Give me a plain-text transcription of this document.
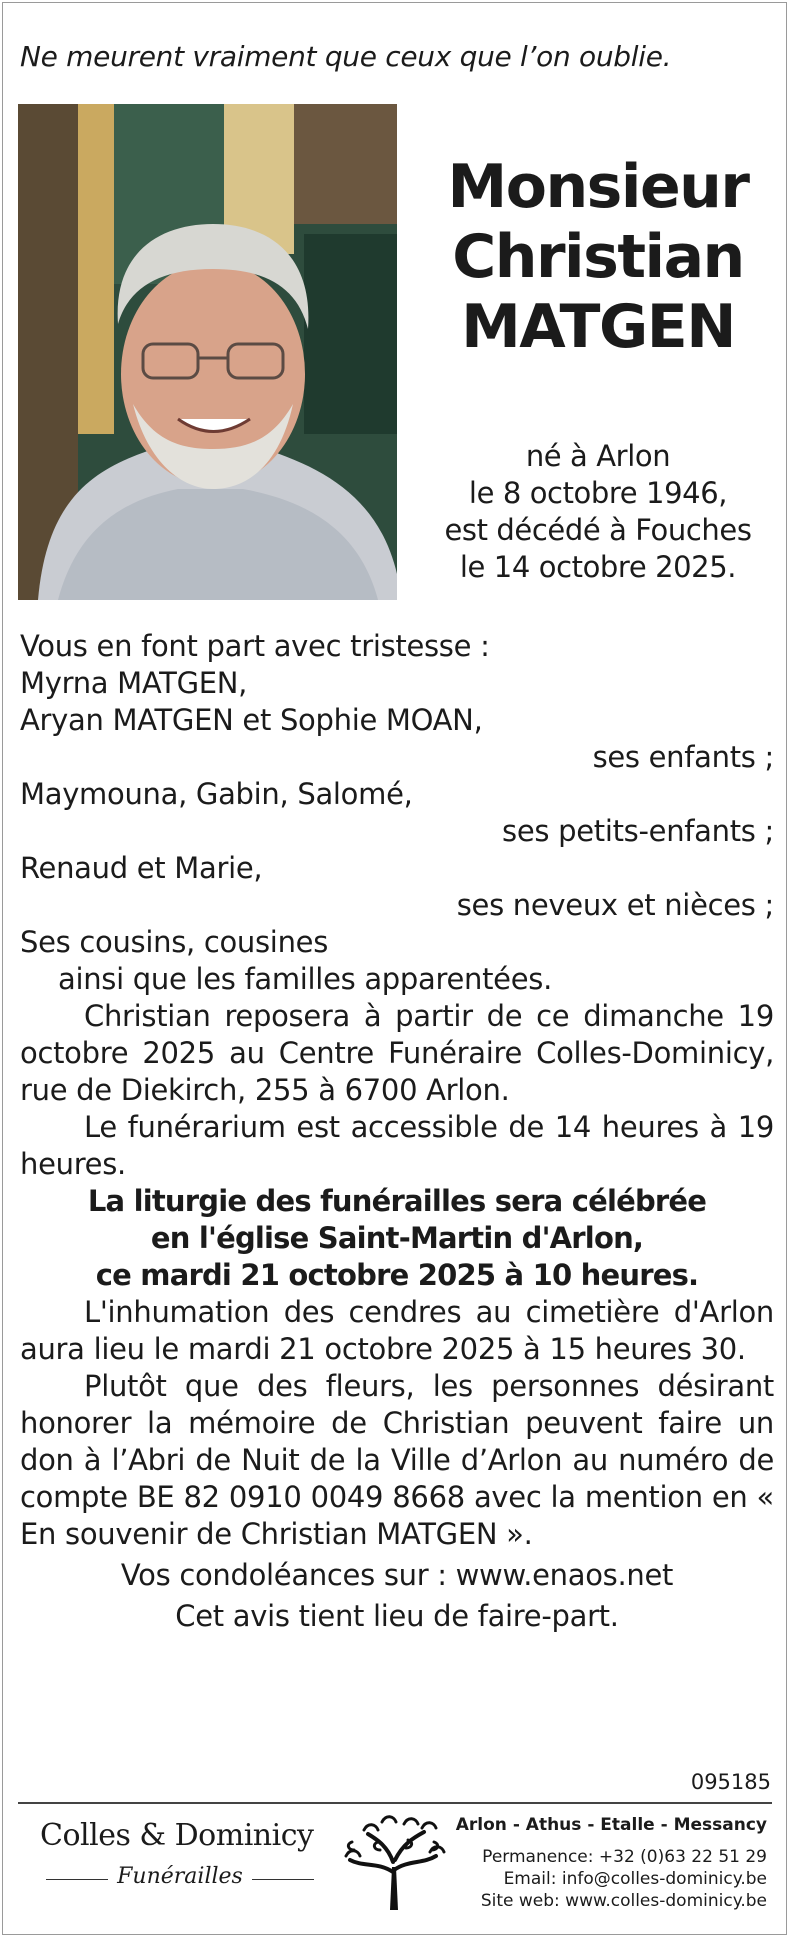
Ne meurent vraiment que ceux que l’on oublie.
Monsieur
Christian
MATGEN
né à Arlon
le 8 octobre 1946,
est décédé à Fouches
le 14 octobre 2025.

Vous en font part avec tristesse :

Myrna MATGEN,

Aryan MATGEN et Sophie MOAN,

ses enfants ;

Maymouna, Gabin, Salomé,

ses petits-enfants ;

Renaud et Marie,

ses neveux et nièces ;

Ses cousins, cousines

ainsi que les familles apparentées.

Christian reposera à partir de ce dimanche 19 octobre 2025 au Centre Funéraire Colles-Dominicy, rue de Diekirch, 255 à 6700 Arlon.

Le funérarium est accessible de 14 heures à 19 heures.

La liturgie des funérailles sera célébrée

en l'église Saint-Martin d'Arlon,

ce mardi 21 octobre 2025 à 10 heures.

L'inhumation des cendres au cimetière d'Arlon aura lieu le mardi 21 octobre 2025 à 15 heures 30.

Plutôt que des fleurs, les personnes désirant honorer la mémoire de Christian peuvent faire un don à l’Abri de Nuit de la Ville d’Arlon au numéro de compte BE 82 0910 0049 8668 avec la mention en « En souvenir de Christian MATGEN ».

Vos condoléances sur : www.enaos.net

Cet avis tient lieu de faire-part.

095185
Colles & Dominicy
Funérailles
Arlon - Athus - Etalle - Messancy
Permanence: +32 (0)63 22 51 29
Email: info@colles-dominicy.be
Site web: www.colles-dominicy.be
